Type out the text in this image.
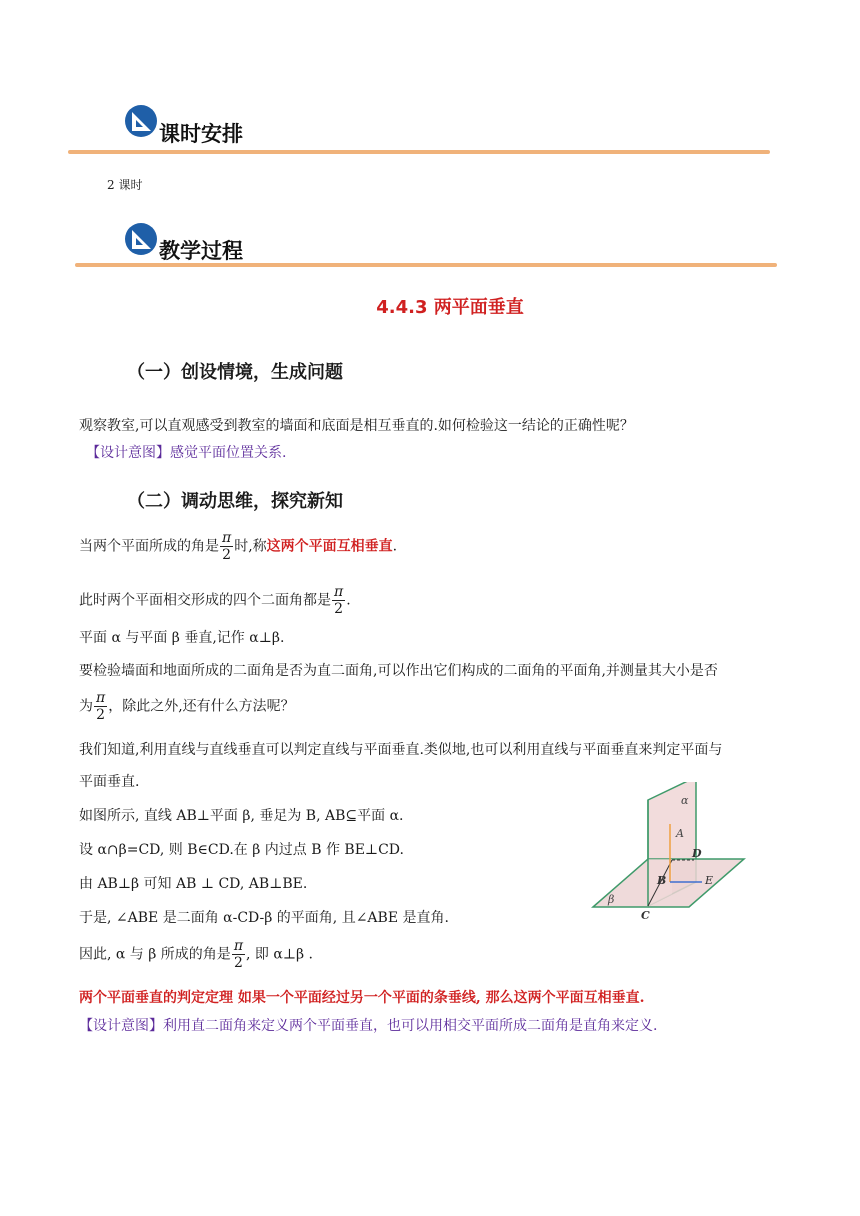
课时安排
2 课时
教学过程
4.4.3 两平面垂直
（一）创设情境，生成问题
观察教室,可以直观感受到教室的墙面和底面是相互垂直的.如何检验这一结论的正确性呢？
【设计意图】感觉平面位置关系.
（二）调动思维，探究新知
当两个平面所成的角是 $\frac{\pi}{2}$ 时,称这两个平面互相垂直.
此时两个平面相交形成的四个二面角都是 $\frac{\pi}{2}$ .
平面 α 与平面 β 垂直,记作 α⊥β.
要检验墙面和地面所成的二面角是否为直二面角,可以作出它们构成的二面角的平面角,并测量其大小是否
为 $\frac{\pi}{2}$ ，除此之外,还有什么方法呢？
我们知道,利用直线与直线垂直可以判定直线与平面垂直.类似地,也可以利用直线与平面垂直来判定平面与
平面垂直.
如图所示, 直线 AB⊥平面 β, 垂足为 B, AB⊆平面 α.
设 α∩β=CD, 则 B∈CD.在 β 内过点 B 作 BE⊥CD.
由 AB⊥β 可知 AB ⊥ CD, AB⊥BE.
于是, ∠ABE 是二面角 α-CD-β 的平面角, 且∠ABE 是直角.
因此, α 与 β 所成的角是 $\frac{\pi}{2}$ , 即 α⊥β .
两个平面垂直的判定定理 如果一个平面经过另一个平面的条垂线, 那么这两个平面互相垂直.
【设计意图】利用直二面角来定义两个平面垂直，也可以用相交平面所成二面角是直角来定义.
α
A
D
B	E
β
C
